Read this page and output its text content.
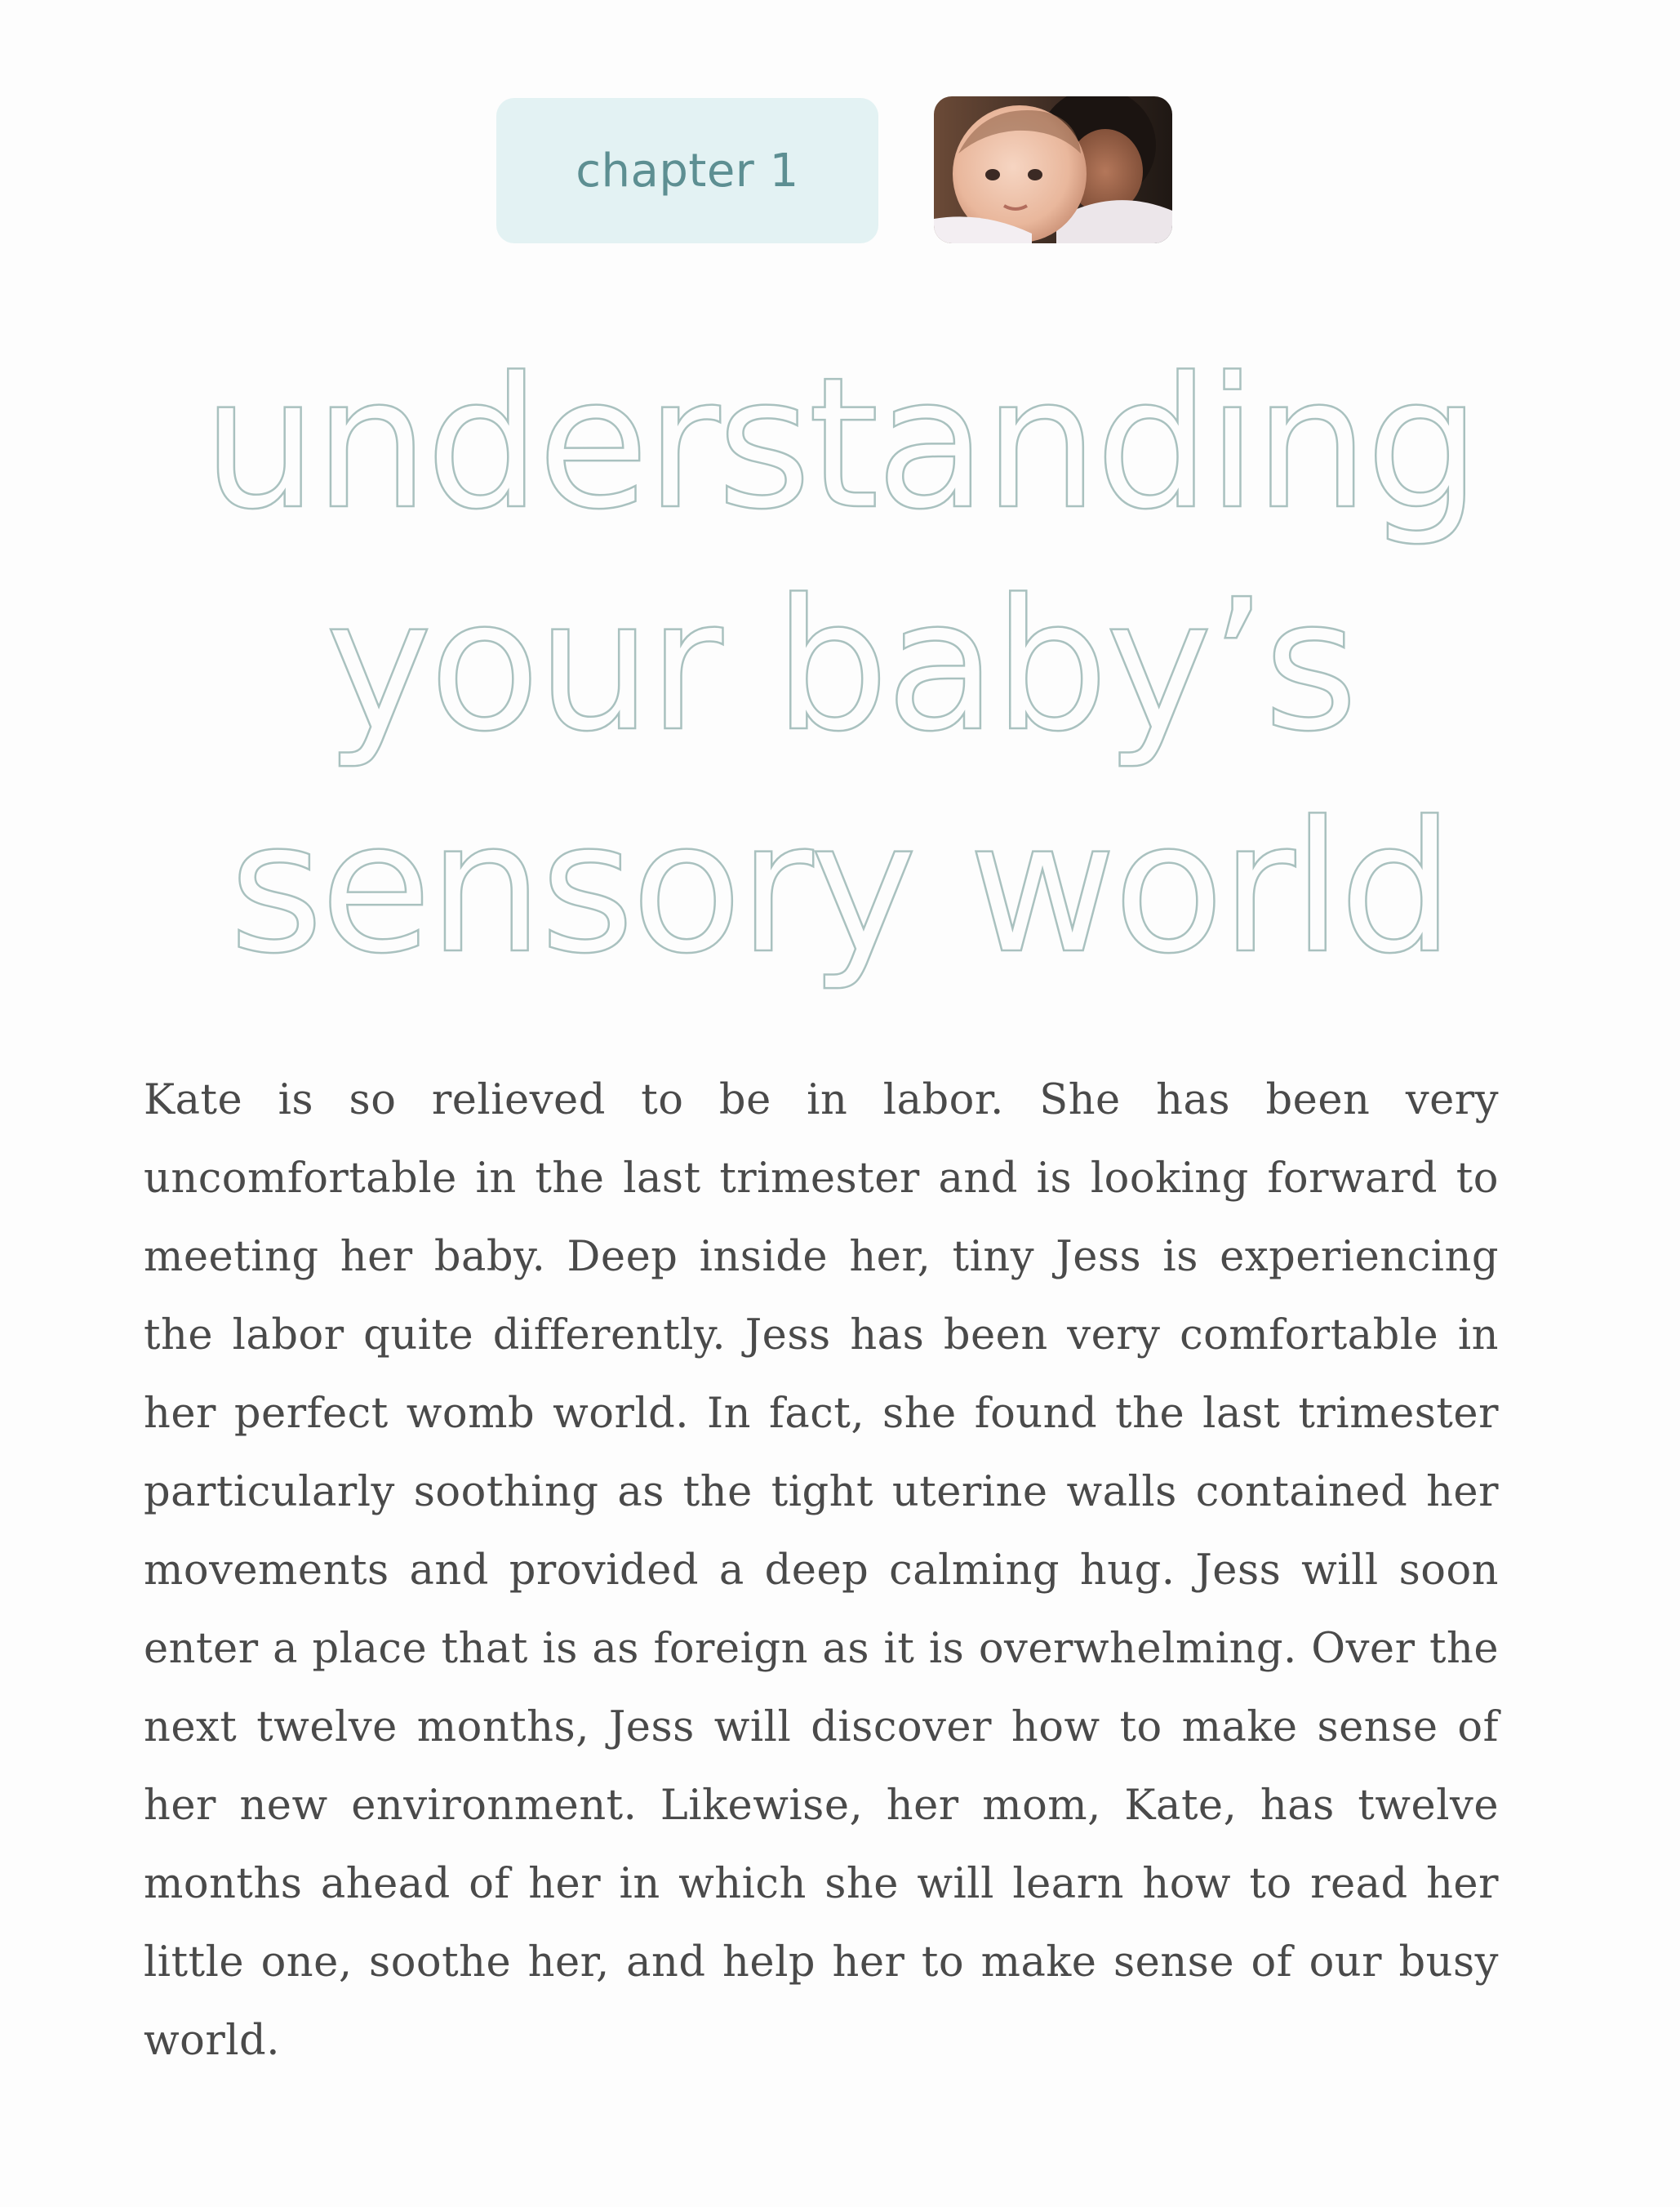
chapter 1
understanding
your baby’s
sensory world

Kate is so relieved to be in labor. She has been very uncomfortable in the last trimester and is looking forward to meeting her baby. Deep inside her, tiny Jess is experiencing the labor quite differently. Jess has been very comfortable in her perfect womb world. In fact, she found the last trimester particularly soothing as the tight uterine walls contained her movements and provided a deep calming hug. Jess will soon enter a place that is as foreign as it is overwhelming. Over the next twelve months, Jess will discover how to make sense of her new environment. Likewise, her mom, Kate, has twelve months ahead of her in which she will learn how to read her little one, soothe her, and help her to make sense of our busy world.
